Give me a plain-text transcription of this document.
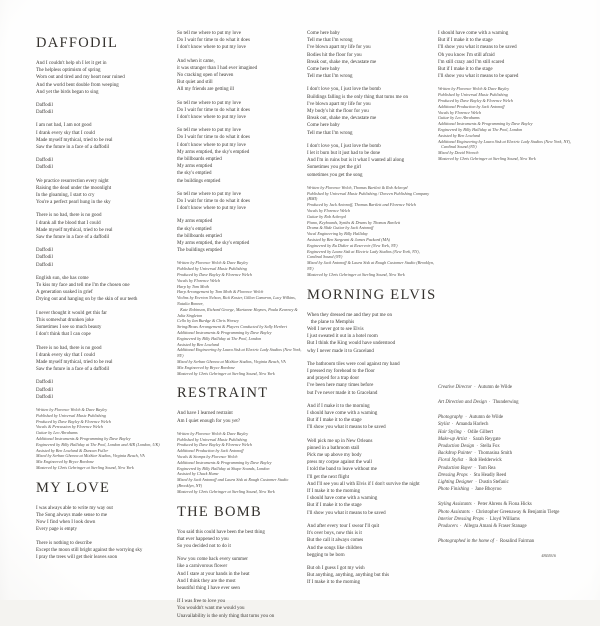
DAFFODIL
And I couldn't help oh I let it get in
The helpless optimism of spring
Worn out and tired and my heart near ruined
And the world bent double from weeping
And yet the birds began to sing
Daffodil
Daffodil
I am not bad, I am not good
I drank every sky that I could
Made myself mythical, tried to be real
Saw the future in a face of a daffodil
Daffodil
Daffodil
We practice resurrection every night
Raising the dead under the moonlight
In the gloaming, I start to cry
You're a perfect pearl hung in the sky
There is no bad, there is no good
I drank all the blood that I could
Made myself mythical, tried to be real
Saw the future in a face of a daffodil
Daffodil
Daffodil
Daffodil
English sun, she has come
To kiss my face and tell me I'm the chosen one
A generation soaked in grief
Drying out and hanging on by the skin of our teeth
I never thought it would get this far
This somewhat drunken joke
Sometimes I see so much beauty
I don't think that I can cope
There is no bad, there is no good
I drank every sky that I could
Made myself mythical, tried to be real
Saw the future in a face of a daffodil
Daffodil
Daffodil
Daffodil
Written by Florence Welch & Dave Bayley
Published by Universal Music Publishing
Produced by Dave Bayley & Florence Welch
Vocals & Percussion by Florence Welch
Guitar by Leo Abrahams
Additional Instruments & Programming by Dave Bayley
Engineered by Billy Halliday at The Pool, London and AIR (London, UK)
Assisted by Ben Lowland & Duncan Fuller
Mixed by Serban Ghenea at MixStar Studios, Virginia Beach, VA
Mix Engineered by Bryce Bordone
Mastered by Chris Gehringer at Sterling Sound, New York
MY LOVE
I was always able to write my way out
The Song always made sense to me
Now I find when I look down
Every page is empty
There is nothing to describe
Except the moon still bright against the worrying sky
I pray the trees will get their leaves soon
So tell me where to put my love
Do I wait for time to do what it does
I don't know where to put my love
And when it came,
it was stranger than I had ever imagined
No cracking open of heaven
But quiet and still
All my friends are getting ill
So tell me where to put my love
Do I wait for time to do what it does
I don't know where to put my love
So tell me where to put my love
Do I wait for time to do what it does
I don't know where to put my love
My arms emptied, the sky's emptied
the billboards emptied
My arms emptied
the sky's emptied
the buildings emptied
So tell me where to put my love
Do I wait for time to do what it does
I don't know where to put my love
My arms emptied
the sky's emptied
the billboards emptied
My arms emptied, the sky's emptied
The buildings emptied
Written by Florence Welch & Dave Bayley
Published by Universal Music Publishing
Produced by Dave Bayley & Florence Welch
Vocals by Florence Welch
Harp by Tom Moth
Harp Arrangement by Tom Moth & Florence Welch
Violins by Everton Nelson, Rick Koster, Gillon Cameron, Lucy Wilkins, Natalia Bonner,
Kate Robinson, Richard George, Marianne Haynes, Paula Kearney & Julia Singleton
Cello by Ian Burdge & Chris Worsey
String/Brass Arrangement & Players Conducted by Sally Herbert
Additional Instruments & Programming by Dave Bayley
Engineered by Billy Halliday at The Pool, London
Assisted by Ben Lowland
Additional Engineering by Laura Sisk at Electric Lady Studios (New York, NY)
Mixed by Serban Ghenea at MixStar Studios, Virginia Beach, VA
Mix Engineered by Bryce Bordone
Mastered by Chris Gehringer at Sterling Sound, New York
RESTRAINT
And have I learned restraint
Am I quiet enough for you yet?
Written by Florence Welch & Dave Bayley
Published by Universal Music Publishing
Produced by Dave Bayley & Florence Welch
Additional Production by Jack Antonoff
Vocals & Stomps by Florence Welch
Additional Instruments & Programming by Dave Bayley
Engineered by Billy Halliday at Shape Sounds, London
Assisted by Chuck Hume
Mixed by Jack Antonoff and Laura Sisk at Rough Customer Studio (Brooklyn, NY)
Mastered by Chris Gehringer at Sterling Sound, New York
THE BOMB
You said this could have been the best thing
that ever happened to you
So you decided not to do it
Now you come back every summer
like a carnivorous flower
And I stare at your hands in the heat
And I think they are the most
beautiful thing I have ever seen
If I was free to love you
You wouldn't want me would you
Unavailability is the only thing that turns you on
Come here baby
Tell me that I'm wrong
I've blown apart my life for you
Bodies hit the floor for you
Break out, shake me, devastate me
Come here baby
Tell me that I'm wrong
I don't love you, I just love the bomb
Buildings falling is the only thing that turns me on
I've blown apart my life for you
My body's hit the floor for you
Break out, shake me, devastate me
Come here baby
Tell me that I'm wrong
I don't love you, I just love the bomb
I let it burn but it just had to be done
And I'm in ruins but is it what I wanted all along
Sometimes you get the girl
sometimes you get the song
Written by Florence Welch, Thomas Bartlett & Rob Ackroyd
Published by Universal Music Publishing / Doveen Publishing Company (BMI)
Produced by Jack Antonoff, Thomas Bartlett and Florence Welch
Vocals by Florence Welch
Guitar by Rob Ackroyd
Piano, Keyboards, Synths & Drums by Thomas Bartlett
Drums & Slide Guitar by Jack Antonoff
Vocal Engineering by Billy Halliday
Assisted by Ben Sargeant & James Packard (MA)
Engineered by Ru Didier at Reservoir (New York, NY)
Engineered by Laura Sisk at Electric Lady Studios (New York, NY), Cardinal Sound (NY)
Mixed by Jack Antonoff & Laura Sisk at Rough Customer Studio (Brooklyn, NY)
Mastered by Chris Gehringer at Sterling Sound, New York
MORNING ELVIS
When they dressed me and they put me on
the plane to Memphis
Well I never got to see Elvis
I just sweated it out in a hotel room
But I think the King would have understood
why I never made it to Graceland
The bathroom tiles were cool against my hand
I pressed my forehead to the floor
and prayed for a trap door
I've been here many times before
but I've never made it to Graceland
And if I make it to the morning
I should have come with a warning
But if I make it to the stage
I'll show you what it means to be saved
Well pick me up in New Orleans
pinned in a bathroom stall
Pick me up above my body
press my corpse against the wall
I told the band to leave without me
I'll get the next flight
And I'll see you all with Elvis if I don't survive the night
If I make it to the morning
I should have come with a warning
But if I make it to the stage
I'll show you what it means to be saved
And after every tour I swear I'll quit
It's over boys, now this is it
But the call it always comes
And the songs like children
begging to be born
But oh I guess I got my wish
But anything, anything, anything but this
If I make it to the morning
I should have come with a warning
But if I make it to the stage
I'll show you what it means to be saved
Oh you know I'm still afraid
I'm still crazy and I'm still scared
But if I make it to the stage
I'll show you what it means to be spared
Written by Florence Welch & Dave Bayley
Published by Universal Music Publishing
Produced by Dave Bayley & Florence Welch
Additional Production by Jack Antonoff
Vocals by Florence Welch
Guitar by Leo Abrahams
Additional Instruments & Programming by Dave Bayley
Engineered by Billy Halliday at The Pool, London
Assisted by Ben Lowland
Additional Engineering by Laura Sisk at Electric Lady Studios (New York, NY),
Cardinal Sound (NY)
Mixed by David Wrench
Mastered by Chris Gehringer at Sterling Sound, New York
Creative Director · Autumn de Wilde
Art Direction and Design · Thunderwing
Photography · Autumn de Wilde
Stylist · Amanda Harlech
Hair Styling · Odile Gilbert
Make-up Artist · Sarah Reygate
Production Design · Stella Fox
Backdrop Painter · Thomasina Smith
Floral Stylist · Rob Hedderwick
Production Buyer · Tom Rea
Dressing Props · Stu Headly Reed
Lighting Designer · Dustin Stefanic
Photo Finishing · Jane Bhoyroo
Styling Assistants · Peter Ahrens & Fiona Hicks
Photo Assistants · Christopher Greenaway & Benjamin Tietge
Interior Dressing Props · Lloyd Williams
Producers · Allegra Amani & Fraser Stanage
Photographed in the home of · Rosalind Fairman
4844016
